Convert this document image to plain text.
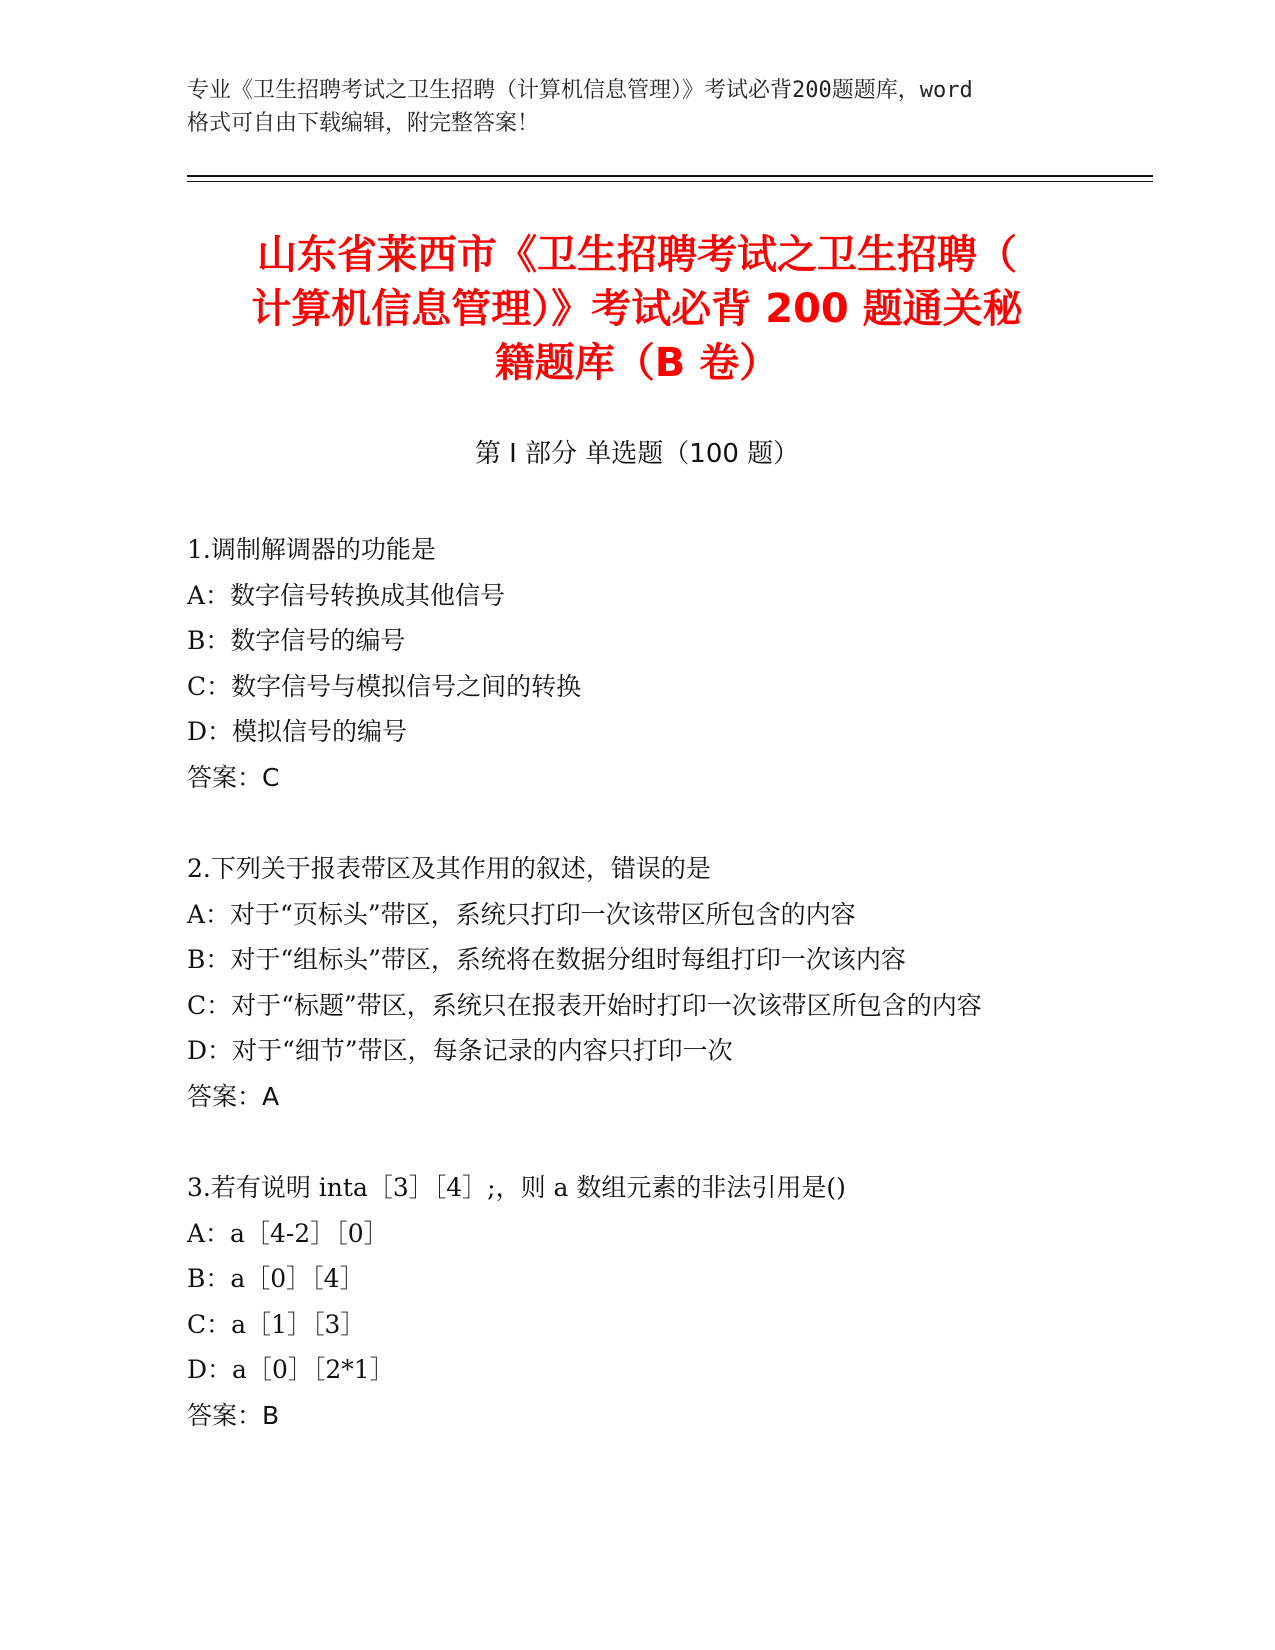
专业《卫生招聘考试之卫生招聘（计算机信息管理）》考试必背200题题库，word
格式可自由下载编辑，附完整答案！
山东省莱西市《卫生招聘考试之卫生招聘（
计算机信息管理）》考试必背 200 题通关秘
籍题库（B 卷）
第 I 部分 单选题（100 题）
1.调制解调器的功能是
A：数字信号转换成其他信号
B：数字信号的编号
C：数字信号与模拟信号之间的转换
D：模拟信号的编号
答案：C
2.下列关于报表带区及其作用的叙述，错误的是
A：对于“页标头”带区，系统只打印一次该带区所包含的内容
B：对于“组标头”带区，系统将在数据分组时每组打印一次该内容
C：对于“标题”带区，系统只在报表开始时打印一次该带区所包含的内容
D：对于“细节”带区，每条记录的内容只打印一次
答案：A
3.若有说明 inta［3］［4］;，则 a 数组元素的非法引用是()
A：a［4-2］［0］
B：a［0］［4］
C：a［1］［3］
D：a［0］［2*1］
答案：B
